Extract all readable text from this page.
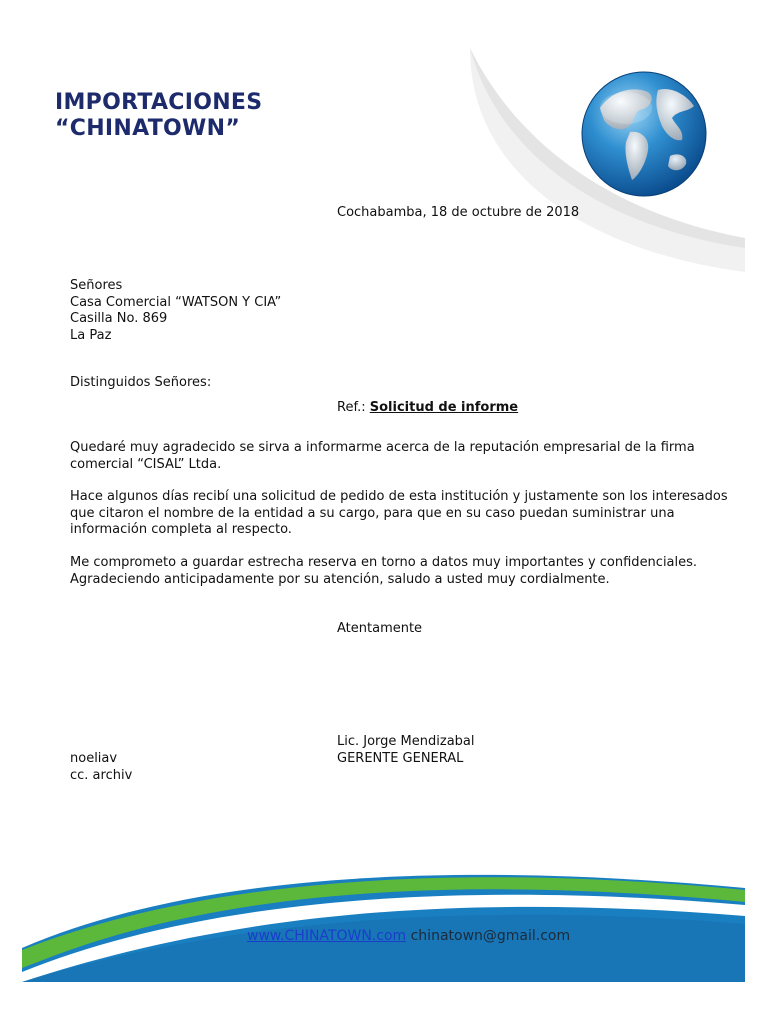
IMPORTACIONES
“CHINATOWN”
Cochabamba, 18 de octubre de 2018
Señores
Casa Comercial “WATSON Y CIA”
Casilla No. 869
La Paz
Distinguidos Señores:
Ref.: Solicitud de informe
Quedaré muy agradecido se sirva a informarme acerca de la reputación empresarial de la firma
comercial “CISAL” Ltda.
Hace algunos días recibí una solicitud de pedido de esta institución y justamente son los interesados
que citaron el nombre de la entidad a su cargo, para que en su caso puedan suministrar una
información completa al respecto.
Me comprometo a guardar estrecha reserva en torno a datos muy importantes y confidenciales.
Agradeciendo anticipadamente por su atención, saludo a usted muy cordialmente.
Atentamente
Lic. Jorge Mendizabal
GERENTE GENERAL
noeliav
cc. archiv
www.CHINATOWN.com chinatown@gmail.com
